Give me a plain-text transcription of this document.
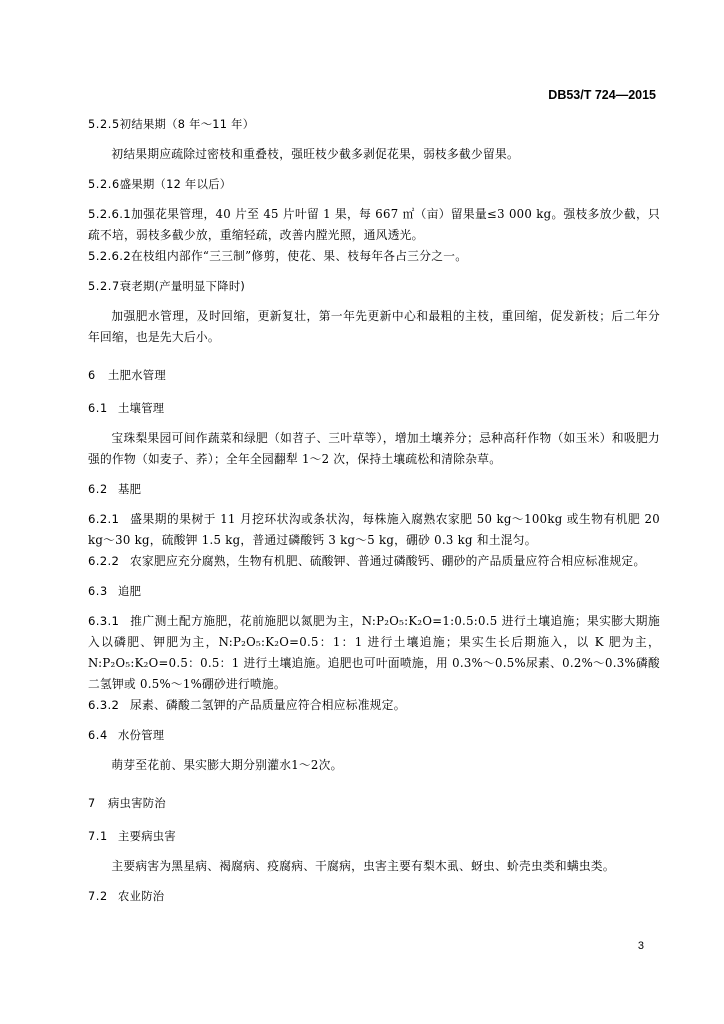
DB53/T 724—2015

5.2.5初结果期（8 年～11 年）

初结果期应疏除过密枝和重叠枝，强旺枝少截多剥促花果，弱枝多截少留果。

5.2.6盛果期（12 年以后）

5.2.6.1加强花果管理，40 片至 45 片叶留 1 果，每 667 ㎡（亩）留果量≤3 000 kg。强枝多放少截，只疏不培，弱枝多截少放，重缩轻疏，改善内膛光照，通风透光。

5.2.6.2在枝组内部作“三三制”修剪，使花、果、枝每年各占三分之一。

5.2.7衰老期(产量明显下降时)

加强肥水管理，及时回缩，更新复壮，第一年先更新中心和最粗的主枝，重回缩，促发新枝；后二年分年回缩，也是先大后小。

6 土肥水管理

6.1 土壤管理

宝珠梨果园可间作蔬菜和绿肥（如苕子、三叶草等），增加土壤养分；忌种高秆作物（如玉米）和吸肥力强的作物（如麦子、荞）；全年全园翻犁 1～2 次，保持土壤疏松和清除杂草。

6.2 基肥

6.2.1 盛果期的果树于 11 月挖环状沟或条状沟，每株施入腐熟农家肥 50 kg～100kg 或生物有机肥 20 kg～30 kg，硫酸钾 1.5 kg，普通过磷酸钙 3 kg～5 kg，硼砂 0.3 kg 和土混匀。

6.2.2 农家肥应充分腐熟，生物有机肥、硫酸钾、普通过磷酸钙、硼砂的产品质量应符合相应标准规定。

6.3 追肥

6.3.1 推广测土配方施肥，花前施肥以氮肥为主，N:P₂O₅:K₂O=1:0.5:0.5 进行土壤追施；果实膨大期施入以磷肥、钾肥为主，N:P₂O₅:K₂O=0.5：1：1 进行土壤追施；果实生长后期施入，以 K 肥为主，N:P₂O₅:K₂O=0.5：0.5：1 进行土壤追施。追肥也可叶面喷施，用 0.3%～0.5%尿素、0.2%～0.3%磷酸二氢钾或 0.5%～1%硼砂进行喷施。

6.3.2 尿素、磷酸二氢钾的产品质量应符合相应标准规定。

6.4 水份管理

萌芽至花前、果实膨大期分别灌水1～2次。

7 病虫害防治

7.1 主要病虫害

主要病害为黑星病、褐腐病、疫腐病、干腐病，虫害主要有梨木虱、蚜虫、蚧壳虫类和螨虫类。

7.2 农业防治

3
